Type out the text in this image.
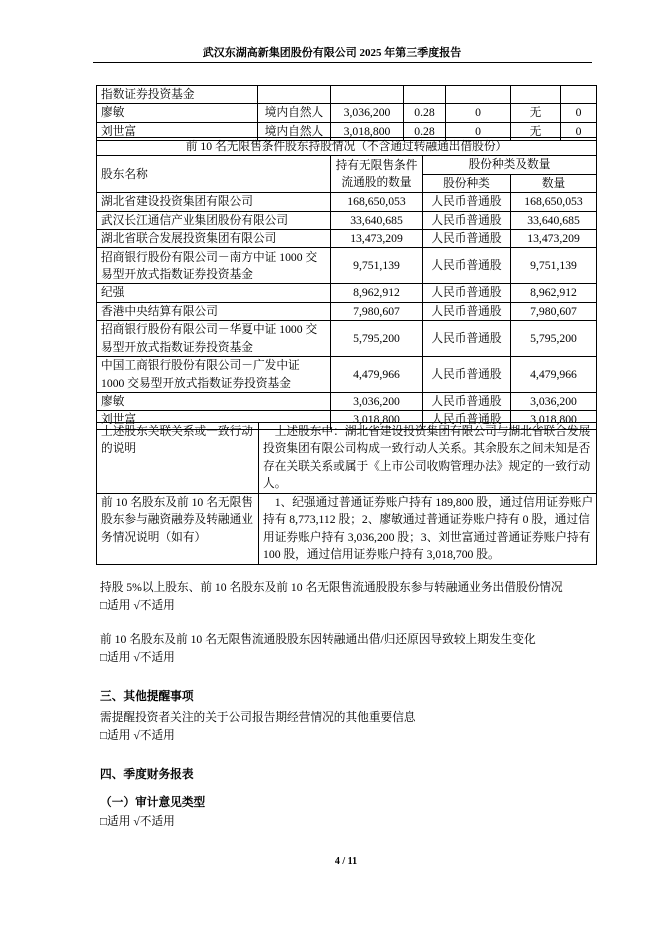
武汉东湖高新集团股份有限公司 2025 年第三季度报告
指数证券投资基金						
廖敏	境内自然人	3,036,200	0.28	0	无	0
刘世富	境内自然人	3,018,800	0.28	0	无	0
前 10 名无限售条件股东持股情况（不含通过转融通出借股份）			
股东名称	持有无限售条件
流通股的数量	股份种类及数量	
		股份种类	数量

湖北省建设投资集团有限公司	168,650,053	人民币普通股	168,650,053

武汉长江通信产业集团股份有限公司	33,640,685	人民币普通股	33,640,685

湖北省联合发展投资集团有限公司	13,473,209	人民币普通股	13,473,209

招商银行股份有限公司－南方中证 1000 交
易型开放式指数证券投资基金	9,751,139	人民币普通股	9,751,139

纪强	8,962,912	人民币普通股	8,962,912

香港中央结算有限公司	7,980,607	人民币普通股	7,980,607

招商银行股份有限公司－华夏中证 1000 交
易型开放式指数证券投资基金	5,795,200	人民币普通股	5,795,200

中国工商银行股份有限公司－广发中证
1000 交易型开放式指数证券投资基金	4,479,966	人民币普通股	4,479,966

廖敏	3,036,200	人民币普通股	3,036,200

刘世富	3,018,800	人民币普通股	3,018,800
上述股东关联关系或一致行动
的说明	上述股东中：湖北省建设投资集团有限公司与湖北省联合发展
投资集团有限公司构成一致行动人关系。其余股东之间未知是否
存在关联关系或属于《上市公司收购管理办法》规定的一致行动
人。

前 10 名股东及前 10 名无限售
股东参与融资融券及转融通业
务情况说明（如有）	1、纪强通过普通证券账户持有 189,800 股，通过信用证券账户
持有 8,773,112 股；2、廖敏通过普通证券账户持有 0 股，通过信
用证券账户持有 3,036,200 股；3、刘世富通过普通证券账户持有
100 股，通过信用证券账户持有 3,018,700 股。
持股 5%以上股东、前 10 名股东及前 10 名无限售流通股股东参与转融通业务出借股份情况
□适用 √不适用
前 10 名股东及前 10 名无限售流通股股东因转融通出借/归还原因导致较上期发生变化
□适用 √不适用
三、其他提醒事项
需提醒投资者关注的关于公司报告期经营情况的其他重要信息
□适用 √不适用
四、季度财务报表
（一）审计意见类型
□适用 √不适用
4 / 11
